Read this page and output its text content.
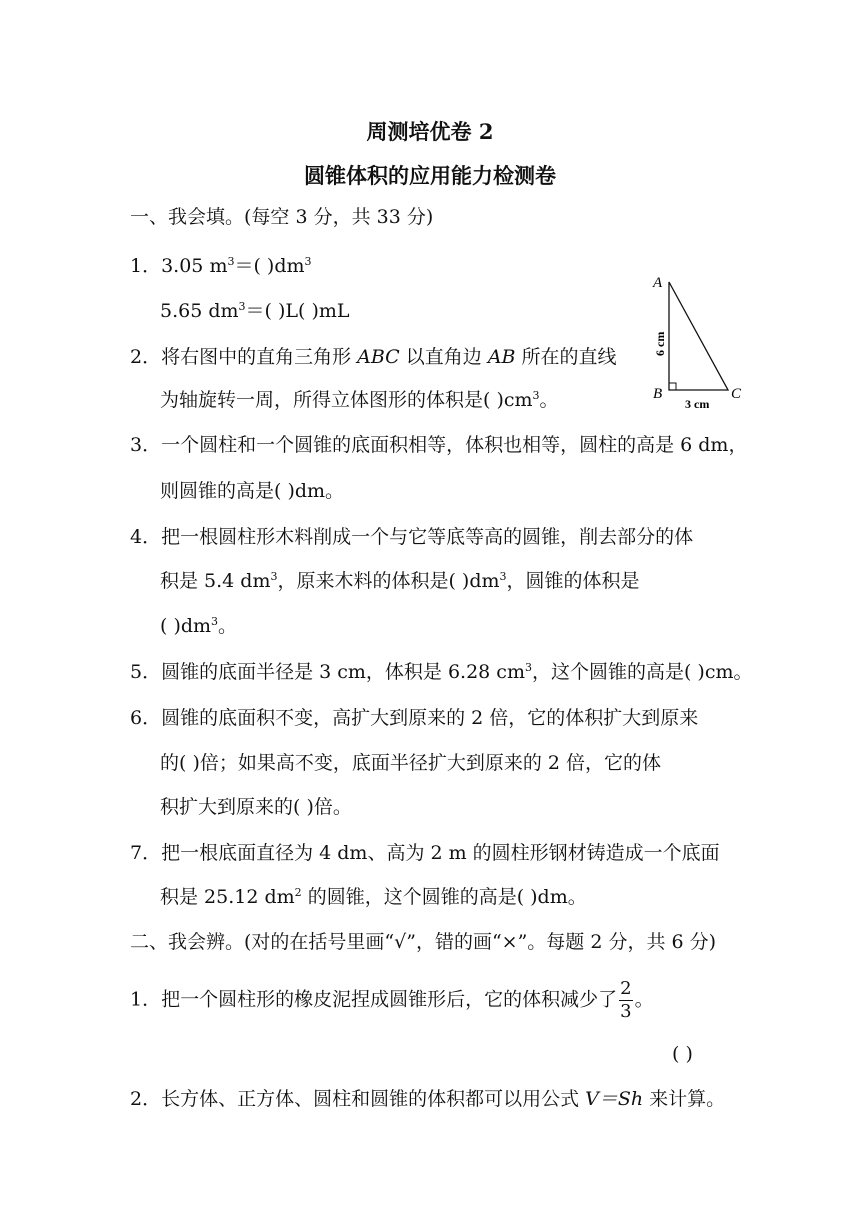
周测培优卷 2
圆锥体积的应用能力检测卷
一、我会填。(每空 3 分，共 33 分)
1．3.05 $m^3=$( )$dm^3$
5.65 $dm^3=$( )L( )mL
2．将右图中的直角三角形 ABC 以直角边 AB 所在的直线
为轴旋转一周，所得立体图形的体积是( )$cm^3$。
A
B	C
6 cm
3 cm
3．一个圆柱和一个圆锥的底面积相等，体积也相等，圆柱的高是 6 dm，
则圆锥的高是( )dm。
4．把一根圆柱形木料削成一个与它等底等高的圆锥，削去部分的体
积是 5.4 $dm^3$，原来木料的体积是( )$dm^3$，圆锥的体积是
( )$dm^3$。
5．圆锥的底面半径是 3 cm，体积是 6.28 $cm^3$，这个圆锥的高是( )cm。
6．圆锥的底面积不变，高扩大到原来的 2 倍，它的体积扩大到原来
的( )倍；如果高不变，底面半径扩大到原来的 2 倍，它的体
积扩大到原来的( )倍。
7．把一根底面直径为 4 dm、高为 2 m 的圆柱形钢材铸造成一个底面
积是 25.12 $dm^2$ 的圆锥，这个圆锥的高是( )dm。
二、我会辨。(对的在括号里画“√”，错的画“×”。每题 2 分，共 6 分)
1．把一个圆柱形的橡皮泥捏成圆锥形后，它的体积减少了 $\frac{2}{3}$ 。
( )
2．长方体、正方体、圆柱和圆锥的体积都可以用公式 V＝Sh 来计算。
